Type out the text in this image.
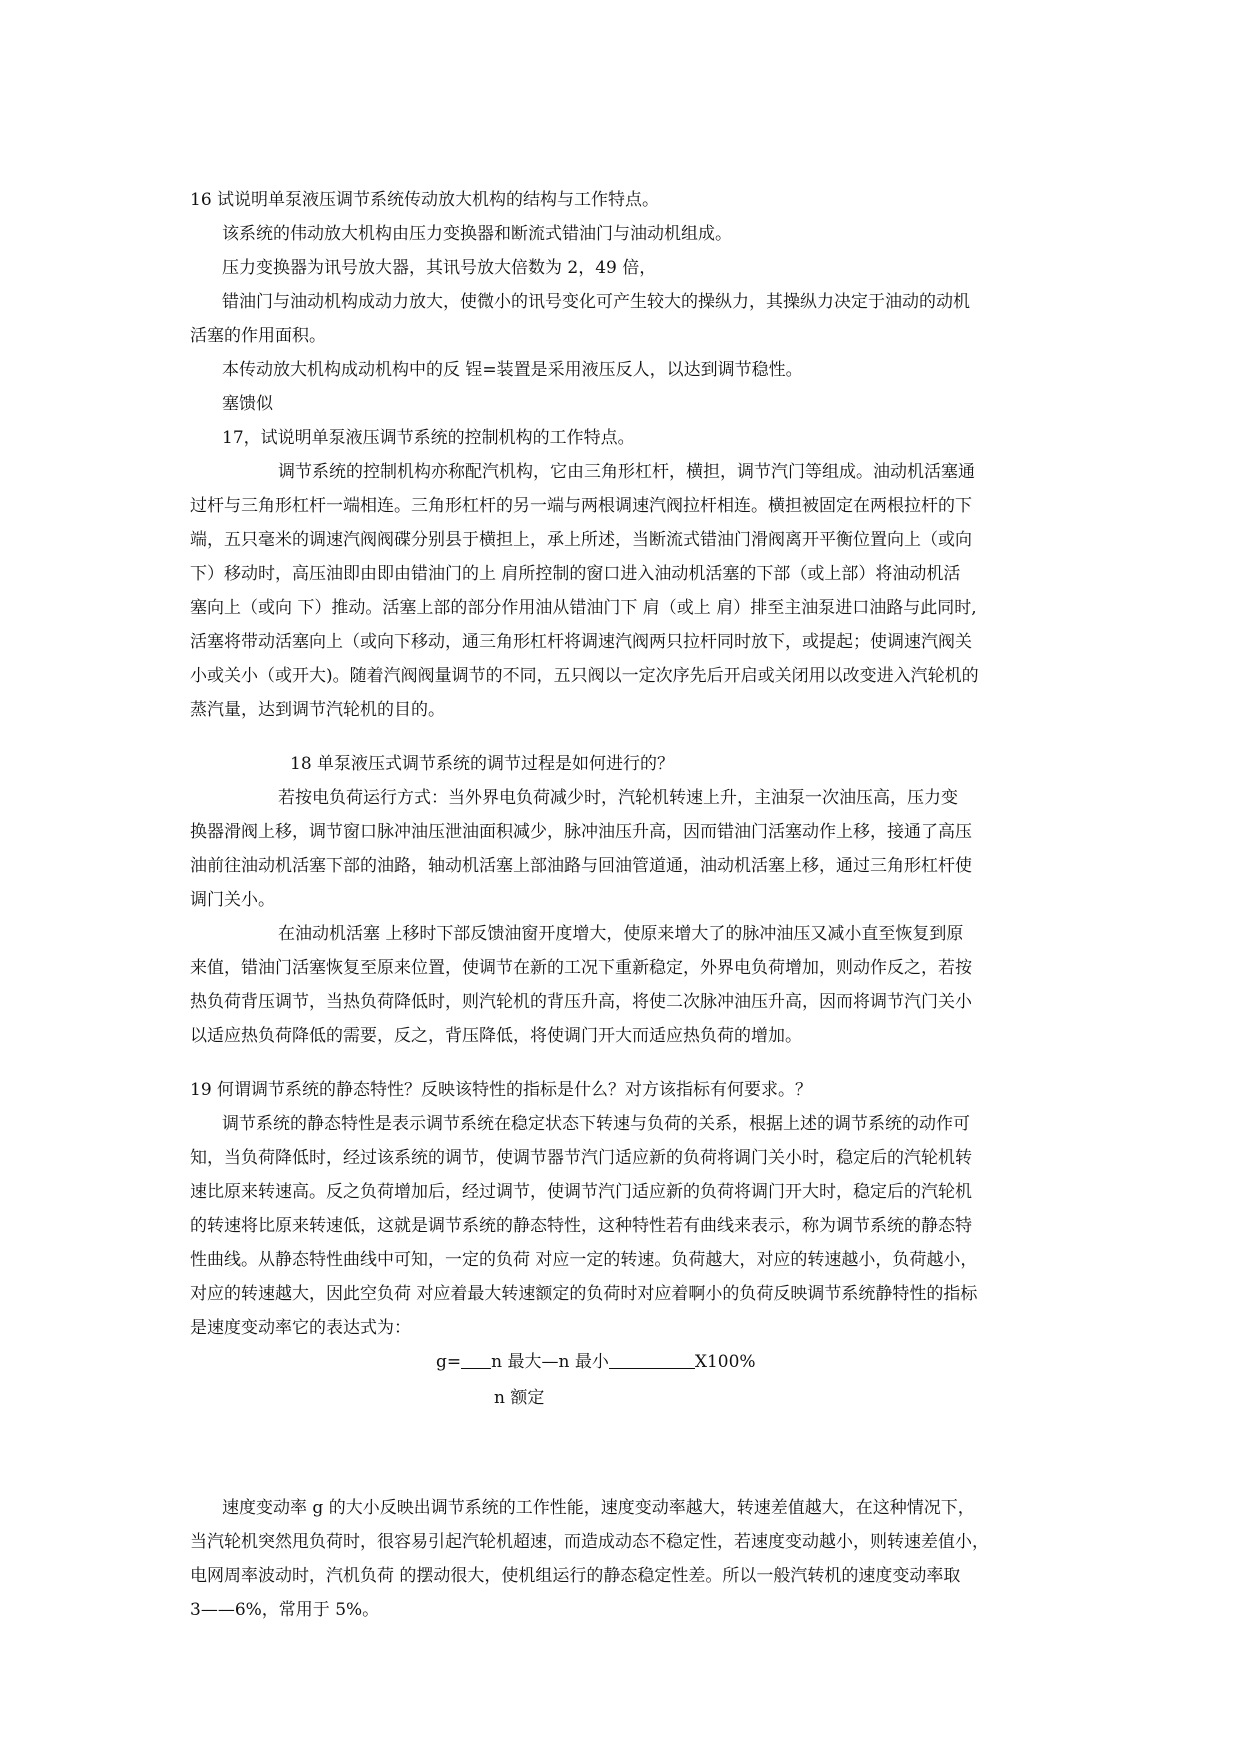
16 试说明单泵液压调节系统传动放大机构的结构与工作特点。
该系统的伟动放大机构由压力变换器和断流式错油门与油动机组成。
压力变换器为讯号放大器，其讯号放大倍数为 2，49 倍，
错油门与油动机构成动力放大，使微小的讯号变化可产生较大的操纵力，其操纵力决定于油动的动机
活塞的作用面积。
本传动放大机构成动机构中的反 锃=装置是采用液压反人，以达到调节稳性。
塞馈似
17，试说明单泵液压调节系统的控制机构的工作特点。
调节系统的控制机构亦称配汽机构，它由三角形杠杆，横担，调节汽门等组成。油动机活塞通
过杆与三角形杠杆一端相连。三角形杠杆的另一端与两根调速汽阀拉杆相连。横担被固定在两根拉杆的下
端，五只毫米的调速汽阀阀碟分别县于横担上，承上所述，当断流式错油门滑阀离开平衡位置向上（或向
下）移动时，高压油即由即由错油门的上 肩所控制的窗口进入油动机活塞的下部（或上部）将油动机活
塞向上（或向 下）推动。活塞上部的部分作用油从错油门下 肩（或上 肩）排至主油泵进口油路与此同时,
活塞将带动活塞向上（或向下移动，通三角形杠杆将调速汽阀两只拉杆同时放下，或提起；使调速汽阀关
小或关小（或开大)。随着汽阀阀量调节的不同，五只阀以一定次序先后开启或关闭用以改变进入汽轮机的
蒸汽量，达到调节汽轮机的目的。
18 单泵液压式调节系统的调节过程是如何进行的？
若按电负荷运行方式：当外界电负荷减少时，汽轮机转速上升，主油泵一次油压高，压力变
换器滑阀上移，调节窗口脉冲油压泄油面积减少，脉冲油压升高，因而错油门活塞动作上移，接通了高压
油前往油动机活塞下部的油路，轴动机活塞上部油路与回油管道通，油动机活塞上移，通过三角形杠杆使
调门关小。
在油动机活塞 上移时下部反馈油窗开度增大，使原来增大了的脉冲油压又减小直至恢复到原
来值，错油门活塞恢复至原来位置，使调节在新的工况下重新稳定，外界电负荷增加，则动作反之，若按
热负荷背压调节，当热负荷降低时，则汽轮机的背压升高，将使二次脉冲油压升高，因而将调节汽门关小
以适应热负荷降低的需要，反之，背压降低，将使调门开大而适应热负荷的增加。
19 何谓调节系统的静态特性？反映该特性的指标是什么？对方该指标有何要求。？
调节系统的静态特性是表示调节系统在稳定状态下转速与负荷的关系，根据上述的调节系统的动作可
知，当负荷降低时，经过该系统的调节，使调节器节汽门适应新的负荷将调门关小时，稳定后的汽轮机转
速比原来转速高。反之负荷增加后，经过调节，使调节汽门适应新的负荷将调门开大时，稳定后的汽轮机
的转速将比原来转速低，这就是调节系统的静态特性，这种特性若有曲线来表示，称为调节系统的静态特
性曲线。从静态特性曲线中可知，一定的负荷 对应一定的转速。负荷越大，对应的转速越小，负荷越小，
对应的转速越大，因此空负荷 对应着最大转速额定的负荷时对应着啊小的负荷反映调节系统静特性的指标
是速度变动率它的表达式为：
g= n 最大—n 最小	X100%
n 额定
速度变动率 g 的大小反映出调节系统的工作性能，速度变动率越大，转速差值越大，在这种情况下，
当汽轮机突然甩负荷时，很容易引起汽轮机超速，而造成动态不稳定性，若速度变动越小，则转速差值小，
电网周率波动时，汽机负荷 的摆动很大，使机组运行的静态稳定性差。所以一般汽转机的速度变动率取
3——6%，常用于 5%。
